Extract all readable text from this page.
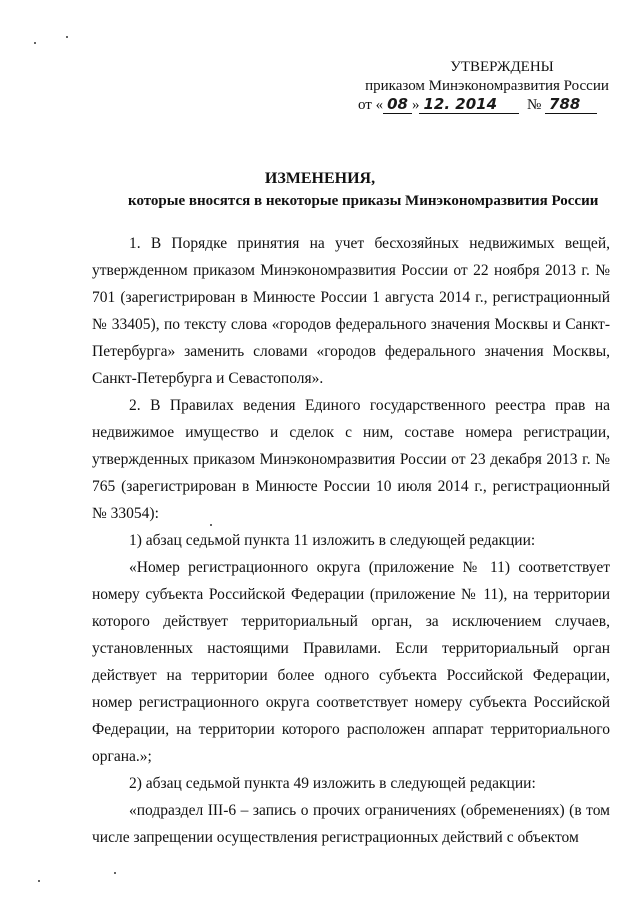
УТВЕРЖДЕНЫ
приказом Минэкономразвития России
от « 08 » 12. 2014 № 788
ИЗМЕНЕНИЯ,
которые вносятся в некоторые приказы Минэкономразвития России

1. В Порядке принятия на учет бесхозяйных недвижимых вещей, утвержденном приказом Минэкономразвития России от 22 ноября 2013 г. № 701 (зарегистрирован в Минюсте России 1 августа 2014 г., регистрационный № 33405), по тексту слова «городов федерального значения Москвы и Санкт-Петербурга» заменить словами «городов федерального значения Москвы, Санкт-Петербурга и Севастополя».

2. В Правилах ведения Единого государственного реестра прав на недвижимое имущество и сделок с ним, составе номера регистрации, утвержденных приказом Минэкономразвития России от 23 декабря 2013 г. № 765 (зарегистрирован в Минюсте России 10 июля 2014 г., регистрационный № 33054):

1) абзац седьмой пункта 11 изложить в следующей редакции:

«Номер регистрационного округа (приложение № 11) соответствует номеру субъекта Российской Федерации (приложение № 11), на территории которого действует территориальный орган, за исключением случаев, установленных настоящими Правилами. Если территориальный орган действует на территории более одного субъекта Российской Федерации, номер регистрационного округа соответствует номеру субъекта Российской Федерации, на территории которого расположен аппарат территориального органа.»;

2) абзац седьмой пункта 49 изложить в следующей редакции:

«подраздел III-6 – запись о прочих ограничениях (обременениях) (в том числе запрещении осуществления регистрационных действий с объектом
